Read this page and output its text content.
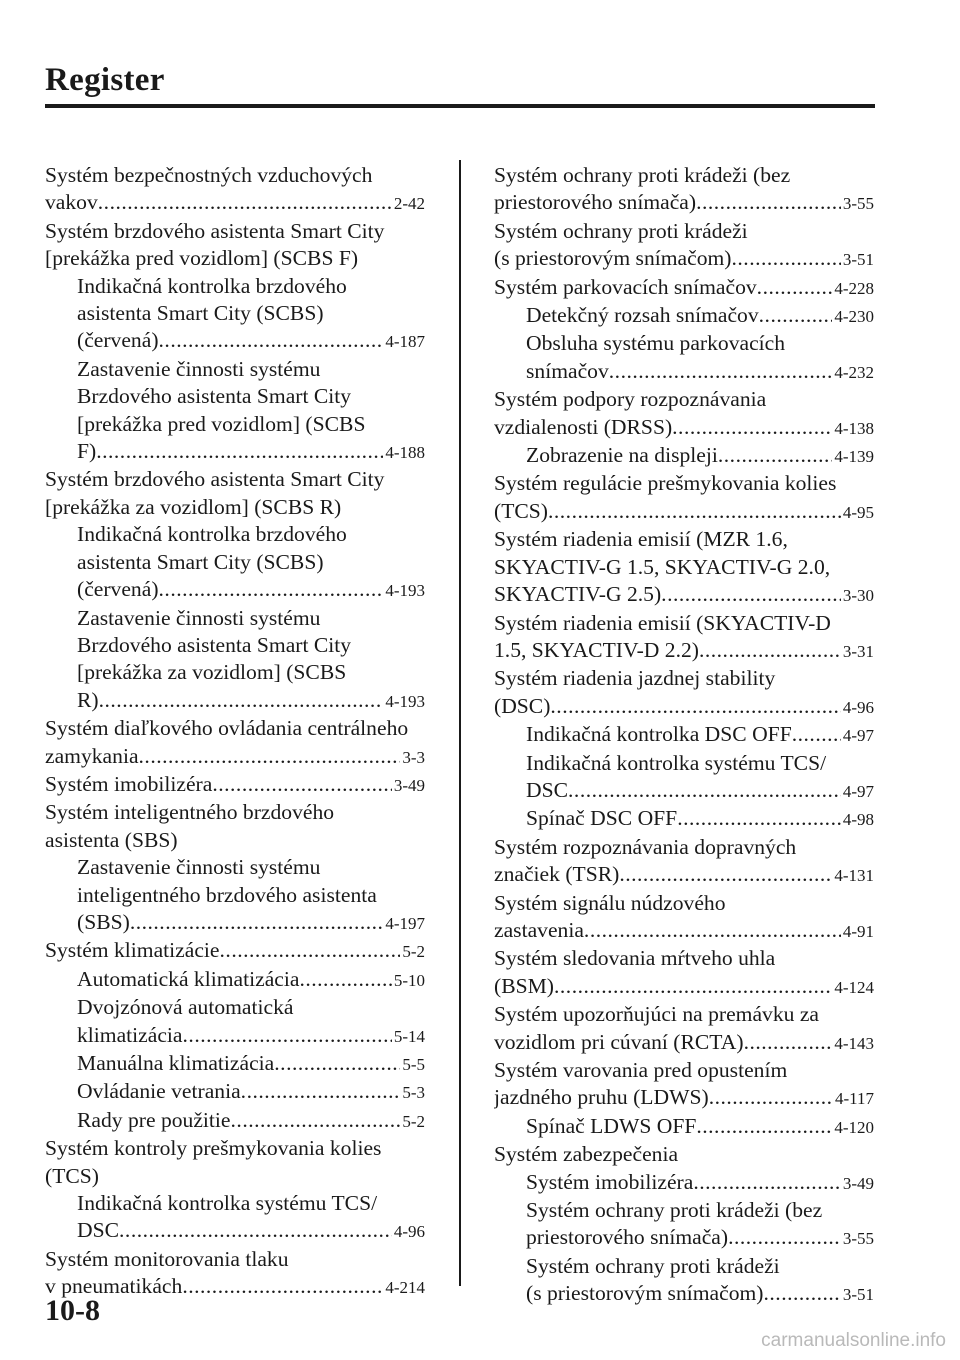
Register
Systém bezpečnostných vzduchových
vakov .....	2-42
Systém brzdového asistenta Smart City
[prekážka pred vozidlom] (SCBS F)
Indikačná kontrolka brzdového
asistenta Smart City (SCBS)
(červená) .....	4-187
Zastavenie činnosti systému
Brzdového asistenta Smart City
[prekážka pred vozidlom] (SCBS
F) .....	4-188
Systém brzdového asistenta Smart City
[prekážka za vozidlom] (SCBS R)
Indikačná kontrolka brzdového
asistenta Smart City (SCBS)
(červená) .....	4-193
Zastavenie činnosti systému
Brzdového asistenta Smart City
[prekážka za vozidlom] (SCBS
R) .....	4-193
Systém diaľkového ovládania centrálneho
zamykania .....	3-3
Systém imobilizéra .....	3-49
Systém inteligentného brzdového
asistenta (SBS)
Zastavenie činnosti systému
inteligentného brzdového asistenta
(SBS) .....	4-197
Systém klimatizácie .....	5-2
Automatická klimatizácia .....	5-10
Dvojzónová automatická
klimatizácia .....	5-14
Manuálna klimatizácia .....	5-5
Ovládanie vetrania .....	5-3
Rady pre použitie .....	5-2
Systém kontroly prešmykovania kolies
(TCS)
Indikačná kontrolka systému TCS/
DSC .....	4-96
Systém monitorovania tlaku
v pneumatikách .....	4-214
Systém ochrany proti krádeži (bez
priestorového snímača) .....	3-55
Systém ochrany proti krádeži
(s priestorovým snímačom) .....	3-51
Systém parkovacích snímačov .....	4-228
Detekčný rozsah snímačov .....	4-230
Obsluha systému parkovacích
snímačov .....	4-232
Systém podpory rozpoznávania
vzdialenosti (DRSS) .....	4-138
Zobrazenie na displeji .....	4-139
Systém regulácie prešmykovania kolies
(TCS) .....	4-95
Systém riadenia emisií (MZR 1.6,
SKYACTIV-G 1.5, SKYACTIV-G 2.0,
SKYACTIV-G 2.5) .....	3-30
Systém riadenia emisií (SKYACTIV-D
1.5, SKYACTIV-D 2.2) .....	3-31
Systém riadenia jazdnej stability
(DSC) .....	4-96
Indikačná kontrolka DSC OFF .....	4-97
Indikačná kontrolka systému TCS/
DSC .....	4-97
Spínač DSC OFF .....	4-98
Systém rozpoznávania dopravných
značiek (TSR) .....	4-131
Systém signálu núdzového
zastavenia .....	4-91
Systém sledovania mŕtveho uhla
(BSM) .....	4-124
Systém upozorňujúci na premávku za
vozidlom pri cúvaní (RCTA) .....	4-143
Systém varovania pred opustením
jazdného pruhu (LDWS) .....	4-117
Spínač LDWS OFF .....	4-120
Systém zabezpečenia
Systém imobilizéra .....	3-49
Systém ochrany proti krádeži (bez
priestorového snímača) .....	3-55
Systém ochrany proti krádeži
(s priestorovým snímačom) .....	3-51
10-8
carmanualsonline.info
